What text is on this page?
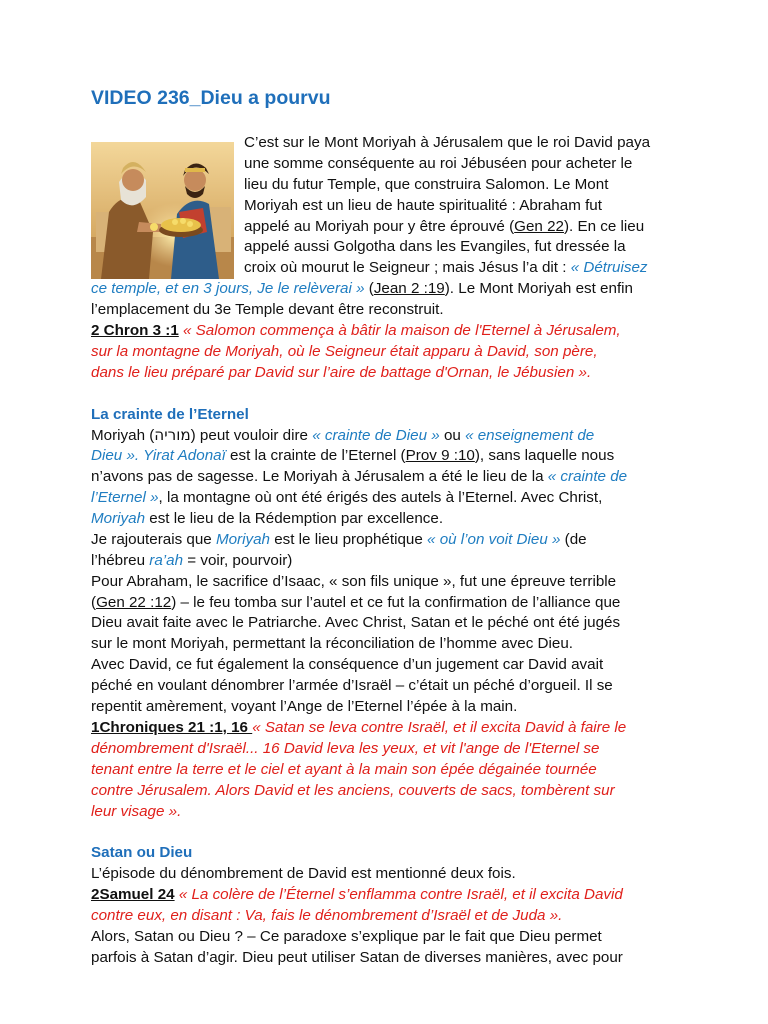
VIDEO 236_Dieu a pourvu
C’est sur le Mont Moriyah à Jérusalem que le roi David paya
une somme conséquente au roi Jébuséen pour acheter le
lieu du futur Temple, que construira Salomon. Le Mont
Moriyah est un lieu de haute spiritualité : Abraham fut
appelé au Moriyah pour y être éprouvé (Gen 22). En ce lieu
appelé aussi Golgotha dans les Evangiles, fut dressée la
croix où mourut le Seigneur ; mais Jésus l’a dit : « Détruisez
ce temple, et en 3 jours, Je le relèverai » (Jean 2 :19). Le Mont Moriyah est enfin
l’emplacement du 3e Temple devant être reconstruit.
2 Chron 3 :1 « Salomon commença à bâtir la maison de l'Eternel à Jérusalem,
sur la montagne de Moriyah, où le Seigneur était apparu à David, son père,
dans le lieu préparé par David sur l’aire de battage d'Ornan, le Jébusien ».
La crainte de l’Eternel
Moriyah (מוריה) peut vouloir dire « crainte de Dieu » ou « enseignement de
Dieu ». Yirat Adonaï est la crainte de l’Eternel (Prov 9 :10), sans laquelle nous
n’avons pas de sagesse. Le Moriyah à Jérusalem a été le lieu de la « crainte de
l’Eternel », la montagne où ont été érigés des autels à l’Eternel. Avec Christ,
Moriyah est le lieu de la Rédemption par excellence.
Je rajouterais que Moriyah est le lieu prophétique « où l’on voit Dieu » (de
l’hébreu ra’ah = voir, pourvoir)
Pour Abraham, le sacrifice d’Isaac, « son fils unique », fut une épreuve terrible
(Gen 22 :12) – le feu tomba sur l’autel et ce fut la confirmation de l’alliance que
Dieu avait faite avec le Patriarche. Avec Christ, Satan et le péché ont été jugés
sur le mont Moriyah, permettant la réconciliation de l’homme avec Dieu.
Avec David, ce fut également la conséquence d’un jugement car David avait
péché en voulant dénombrer l’armée d’Israël – c’était un péché d’orgueil. Il se
repentit amèrement, voyant l’Ange de l’Eternel l’épée à la main.
1Chroniques 21 :1, 16 « Satan se leva contre Israël, et il excita David à faire le
dénombrement d'Israël... 16 David leva les yeux, et vit l'ange de l'Eternel se
tenant entre la terre et le ciel et ayant à la main son épée dégainée tournée
contre Jérusalem. Alors David et les anciens, couverts de sacs, tombèrent sur
leur visage ».
Satan ou Dieu
L’épisode du dénombrement de David est mentionné deux fois.
2Samuel 24 « La colère de l’Éternel s’enflamma contre Israël, et il excita David
contre eux, en disant : Va, fais le dénombrement d’Israël et de Juda ».
Alors, Satan ou Dieu ? – Ce paradoxe s’explique par le fait que Dieu permet
parfois à Satan d’agir. Dieu peut utiliser Satan de diverses manières, avec pour
